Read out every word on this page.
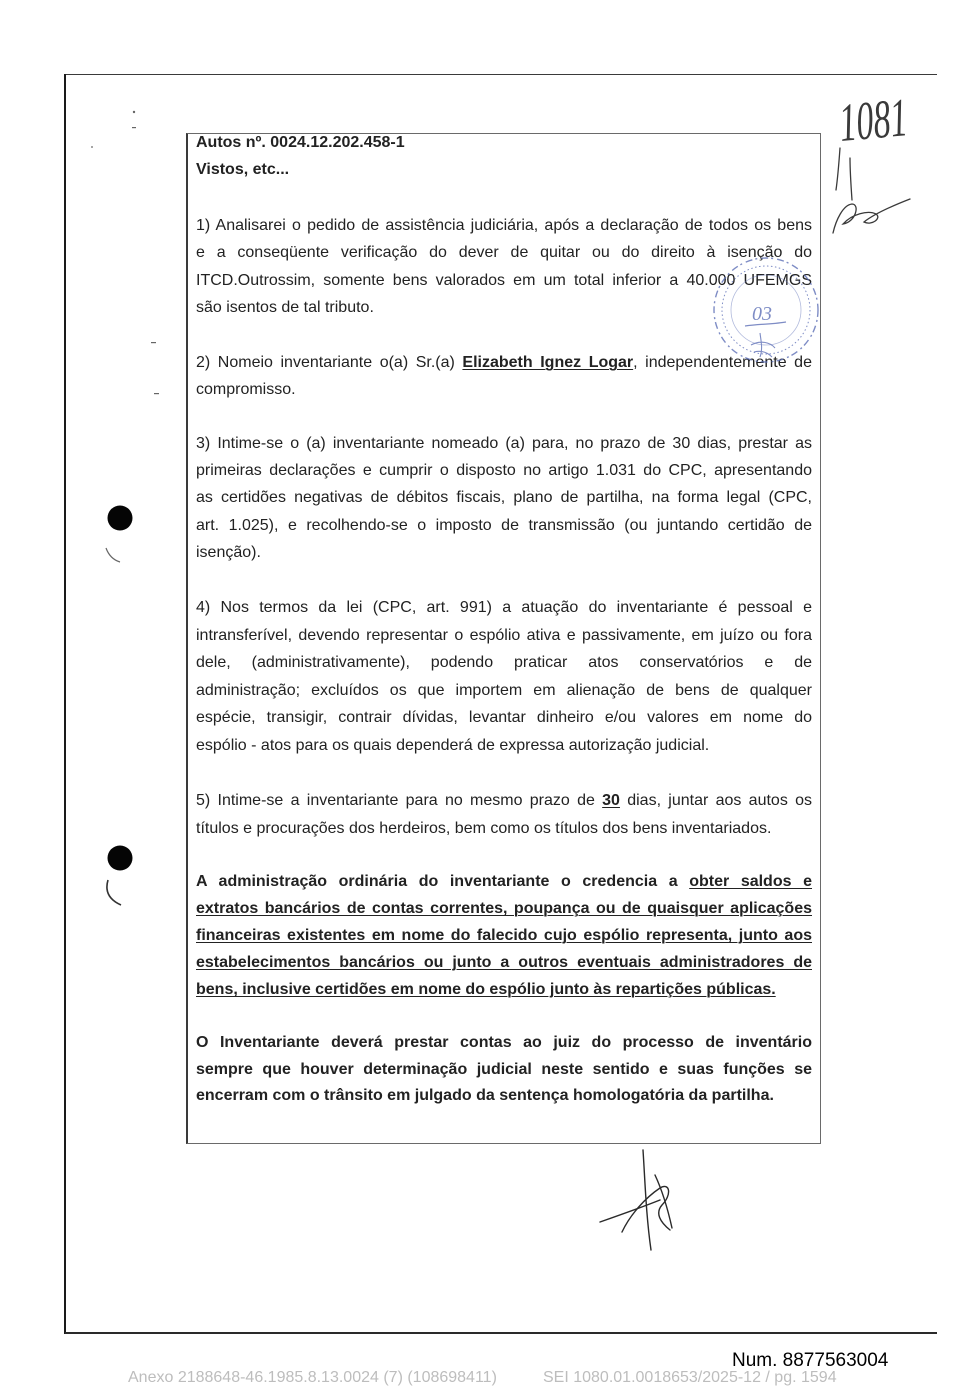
Autos nº. 0024.12.202.458-1
Vistos, etc...
1) Analisarei o pedido de assistência judiciária, após a declaração de todos os bens
e a conseqüente verificação do dever de quitar ou do direito à isenção do
ITCD.Outrossim, somente bens valorados em um total inferior a 40.000 UFEMGS
são isentos de tal tributo.
2) Nomeio inventariante o(a) Sr.(a) Elizabeth Ignez Logar, independentemente de
compromisso.
3) Intime-se o (a) inventariante nomeado (a) para, no prazo de 30 dias, prestar as
primeiras declarações e cumprir o disposto no artigo 1.031 do CPC, apresentando
as certidões negativas de débitos fiscais, plano de partilha, na forma legal (CPC,
art. 1.025), e recolhendo-se o imposto de transmissão (ou juntando certidão de
isenção).
4) Nos termos da lei (CPC, art. 991) a atuação do inventariante é pessoal e
intransferível, devendo representar o espólio ativa e passivamente, em juízo ou fora
dele, (administrativamente), podendo praticar atos conservatórios e de
administração; excluídos os que importem em alienação de bens de qualquer
espécie, transigir, contrair dívidas, levantar dinheiro e/ou valores em nome do
espólio - atos para os quais dependerá de expressa autorização judicial.
5) Intime-se a inventariante para no mesmo prazo de 30 dias, juntar aos autos os
títulos e procurações dos herdeiros, bem como os títulos dos bens inventariados.
A administração ordinária do inventariante o credencia a obter saldos e
extratos bancários de contas correntes, poupança ou de quaisquer aplicações
financeiras existentes em nome do falecido cujo espólio representa, junto aos
estabelecimentos bancários ou junto a outros eventuais administradores de
bens, inclusive certidões em nome do espólio junto às repartições públicas.
O Inventariante deverá prestar contas ao juiz do processo de inventário
sempre que houver determinação judicial neste sentido e suas funções se
encerram com o trânsito em julgado da sentença homologatória da partilha.
1081
03
Num. 8877563004
Anexo 2188648-46.1985.8.13.0024 (7) (108698411)	SEI 1080.01.0018653/2025-12 / pg. 1594
